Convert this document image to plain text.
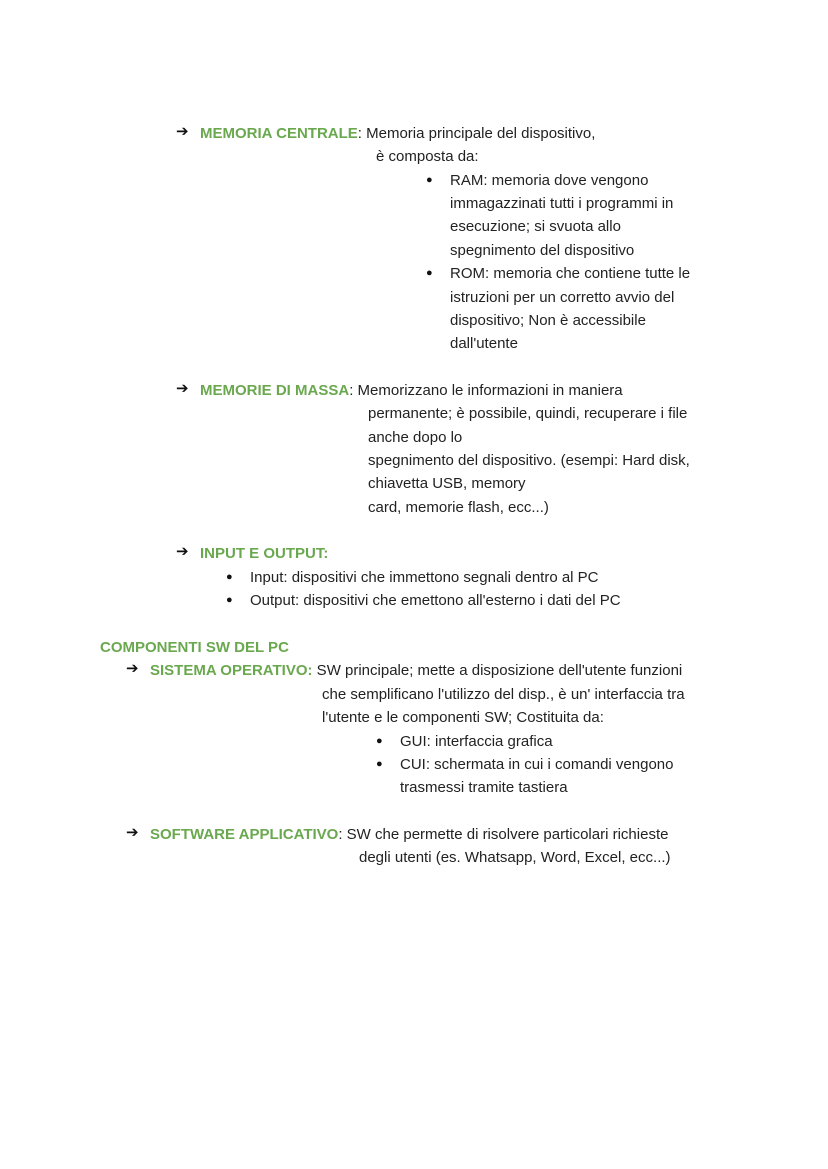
➔ MEMORIA CENTRALE: Memoria principale del dispositivo,
è composta da:
● RAM: memoria dove vengono
immagazzinati tutti i programmi in
esecuzione; si svuota allo
spegnimento del dispositivo
● ROM: memoria che contiene tutte le
istruzioni per un corretto avvio del
dispositivo; Non è accessibile
dall'utente
➔ MEMORIE DI MASSA: Memorizzano le informazioni in maniera
permanente; è possibile, quindi, recuperare i file
anche dopo lo
spegnimento del dispositivo. (esempi: Hard disk,
chiavetta USB, memory
card, memorie flash, ecc...)
➔ INPUT E OUTPUT:
● Input: dispositivi che immettono segnali dentro al PC
● Output: dispositivi che emettono all'esterno i dati del PC
COMPONENTI SW DEL PC
➔ SISTEMA OPERATIVO: SW principale; mette a disposizione dell'utente funzioni
che semplificano l'utilizzo del disp., è un' interfaccia tra
l'utente e le componenti SW; Costituita da:
● GUI: interfaccia grafica
● CUI: schermata in cui i comandi vengono
trasmessi tramite tastiera
➔ SOFTWARE APPLICATIVO: SW che permette di risolvere particolari richieste
degli utenti (es. Whatsapp, Word, Excel, ecc...)
